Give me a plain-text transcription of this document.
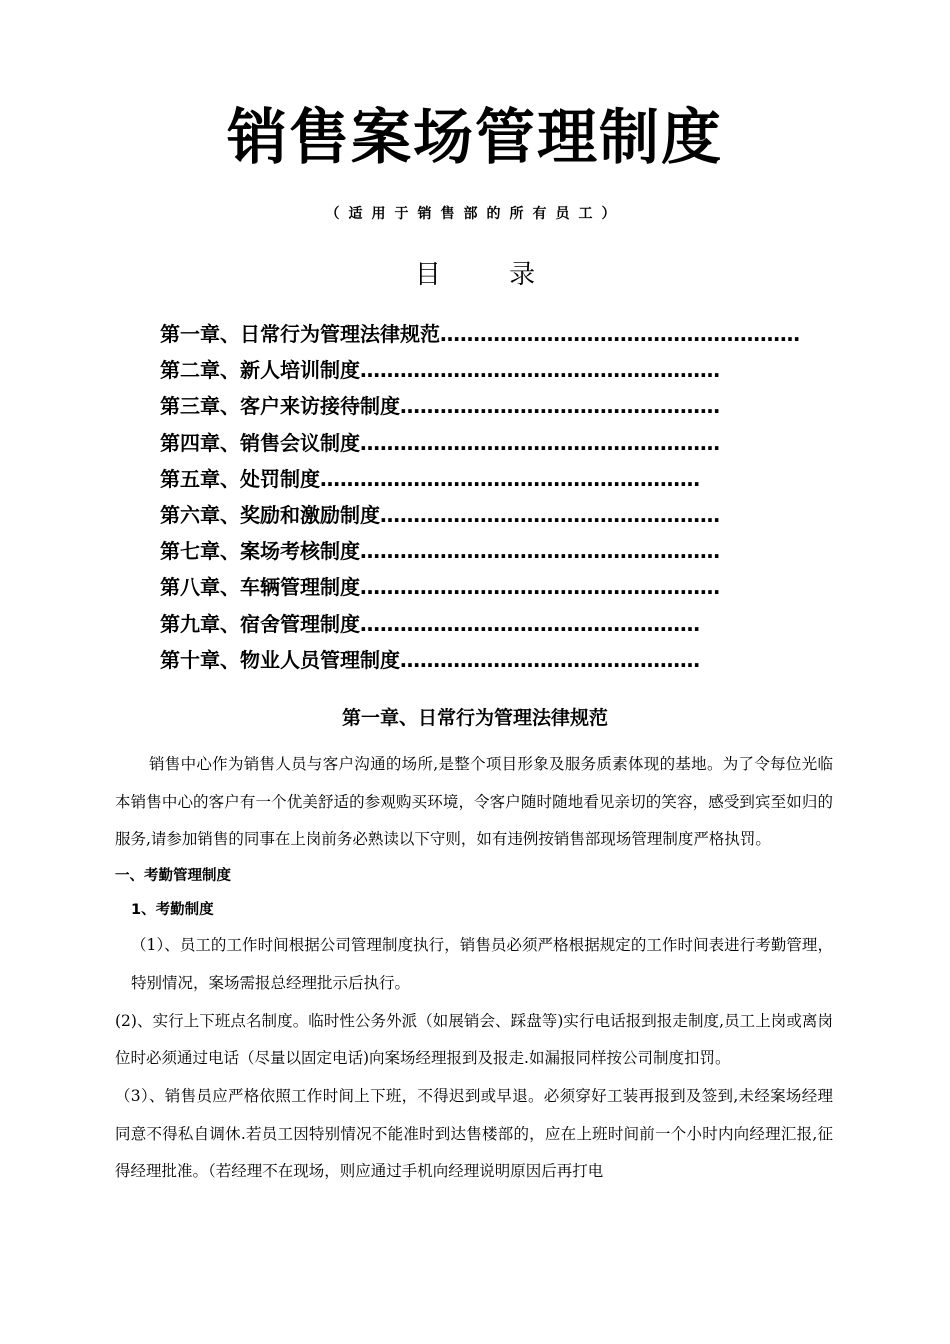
销售案场管理制度
（适用于销售部的所有员工）
目 录
第一章、日常行为管理法律规范………………………………………………
第二章、新人培训制度………………………………………………
第三章、客户来访接待制度…………………………………………
第四章、销售会议制度………………………………………………
第五章、处罚制度…………………………………………………
第六章、奖励和激励制度……………………………………………
第七章、案场考核制度………………………………………………
第八章、车辆管理制度………………………………………………
第九章、宿舍管理制度……………………………………………
第十章、物业人员管理制度………………………………………
第一章、日常行为管理法律规范

销售中心作为销售人员与客户沟通的场所,是整个项目形象及服务质素体现的基地。为了令每位光临本销售中心的客户有一个优美舒适的参观购买环境，令客户随时随地看见亲切的笑容，感受到宾至如归的服务,请参加销售的同事在上岗前务必熟读以下守则，如有违例按销售部现场管理制度严格执罚。

一、考勤管理制度

1、考勤制度

（1）、员工的工作时间根据公司管理制度执行，销售员必须严格根据规定的工作时间表进行考勤管理，特别情况，案场需报总经理批示后执行。

(2)、实行上下班点名制度。临时性公务外派（如展销会、踩盘等)实行电话报到报走制度,员工上岗或离岗位时必须通过电话（尽量以固定电话)向案场经理报到及报走.如漏报同样按公司制度扣罚。

（3）、销售员应严格依照工作时间上下班，不得迟到或早退。必须穿好工装再报到及签到,未经案场经理同意不得私自调休.若员工因特别情况不能准时到达售楼部的，应在上班时间前一个小时内向经理汇报,征得经理批准。（若经理不在现场，则应通过手机向经理说明原因后再打电
